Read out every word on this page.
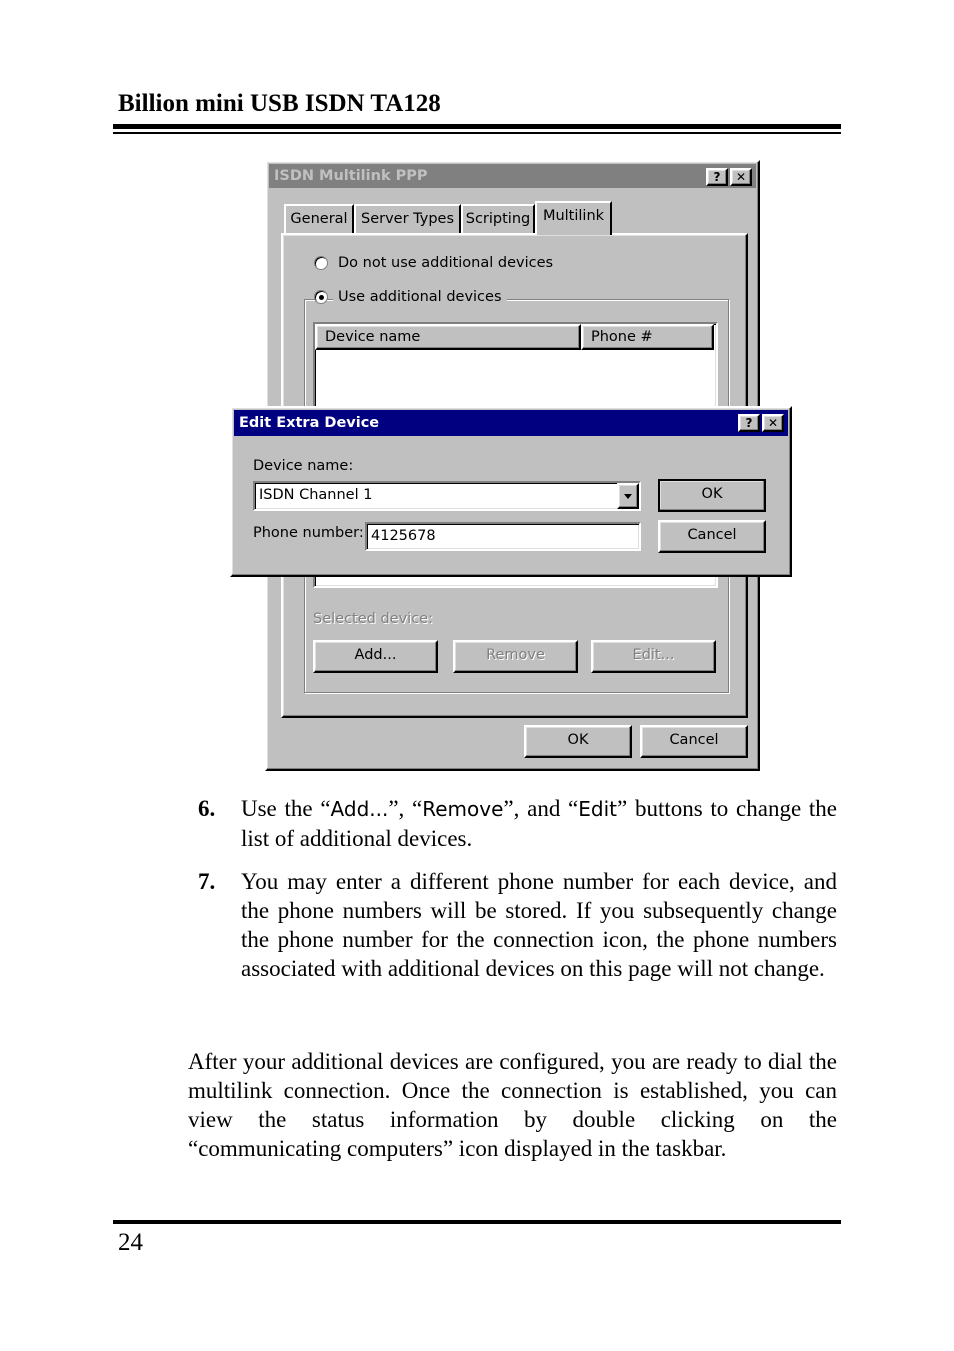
Billion mini USB ISDN TA128
ISDN Multilink PPP	?	✕
General Server Types Scripting Multilink
Do not use additional devices
Use additional devices
Device name	Phone #
Selected device:
Add...	Remove	Edit...
OK	Cancel
Edit Extra Device	?	✕
Device name:
ISDN Channel 1	OK
Phone number: 4125678	Cancel
6. Use the “Add...”, “Remove”, and “Edit” buttons to change the list of additional devices.
7. You may enter a different phone number for each device, and the phone numbers will be stored. If you subsequently change the phone number for the connection icon, the phone numbers associated with additional devices on this page will not change.
After your additional devices are configured, you are ready to dial the multilink connection. Once the connection is established, you can view the status information by double clicking on the “communicating computers” icon displayed in the taskbar.
24
